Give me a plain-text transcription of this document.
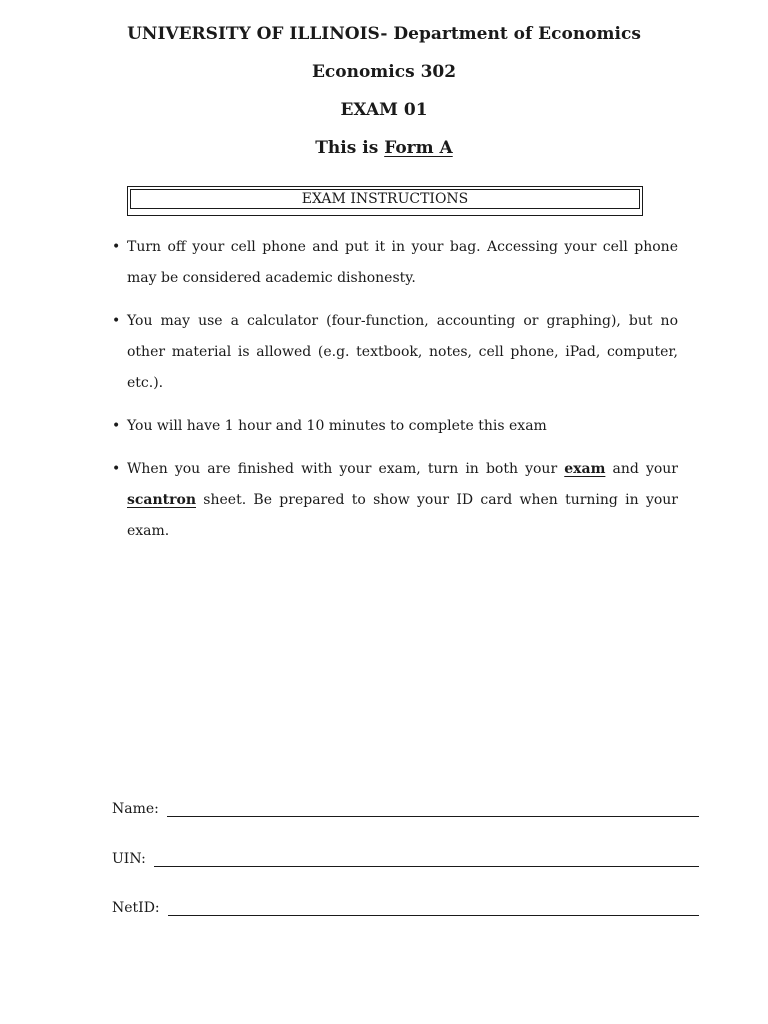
UNIVERSITY OF ILLINOIS- Department of Economics
Economics 302
EXAM 01
This is Form A
EXAM INSTRUCTIONS
• Turn off your cell phone and put it in your bag. Accessing your cell phone may be considered academic dishonesty.
• You may use a calculator (four-function, accounting or graphing), but no other material is allowed (e.g. textbook, notes, cell phone, iPad, computer, etc.).
• You will have 1 hour and 10 minutes to complete this exam
• When you are finished with your exam, turn in both your exam and your scantron sheet. Be prepared to show your ID card when turning in your exam.
Name:
UIN:
NetID:
